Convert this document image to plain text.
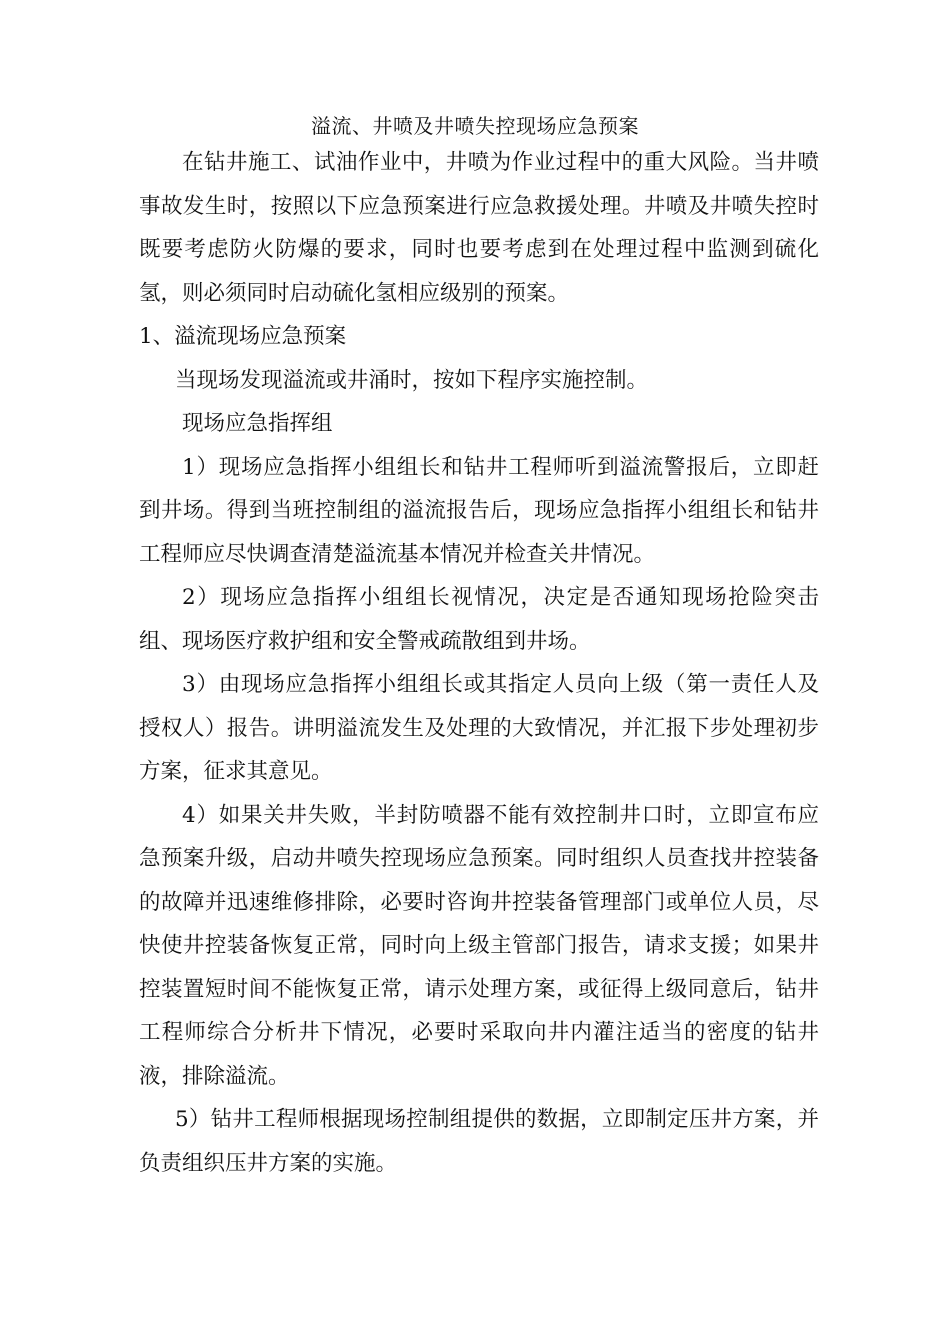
溢流、井喷及井喷失控现场应急预案

在钻井施工、试油作业中，井喷为作业过程中的重大风险。当井喷事故发生时，按照以下应急预案进行应急救援处理。井喷及井喷失控时既要考虑防火防爆的要求，同时也要考虑到在处理过程中监测到硫化氢，则必须同时启动硫化氢相应级别的预案。

1、溢流现场应急预案

当现场发现溢流或井涌时，按如下程序实施控制。

现场应急指挥组

1）现场应急指挥小组组长和钻井工程师听到溢流警报后，立即赶到井场。得到当班控制组的溢流报告后，现场应急指挥小组组长和钻井工程师应尽快调查清楚溢流基本情况并检查关井情况。

2）现场应急指挥小组组长视情况，决定是否通知现场抢险突击组、现场医疗救护组和安全警戒疏散组到井场。

3）由现场应急指挥小组组长或其指定人员向上级（第一责任人及授权人）报告。讲明溢流发生及处理的大致情况，并汇报下步处理初步方案，征求其意见。

4）如果关井失败，半封防喷器不能有效控制井口时，立即宣布应急预案升级，启动井喷失控现场应急预案。同时组织人员查找井控装备的故障并迅速维修排除，必要时咨询井控装备管理部门或单位人员，尽快使井控装备恢复正常，同时向上级主管部门报告，请求支援；如果井控装置短时间不能恢复正常，请示处理方案，或征得上级同意后，钻井工程师综合分析井下情况，必要时采取向井内灌注适当的密度的钻井液，排除溢流。

5）钻井工程师根据现场控制组提供的数据，立即制定压井方案，并负责组织压井方案的实施。
